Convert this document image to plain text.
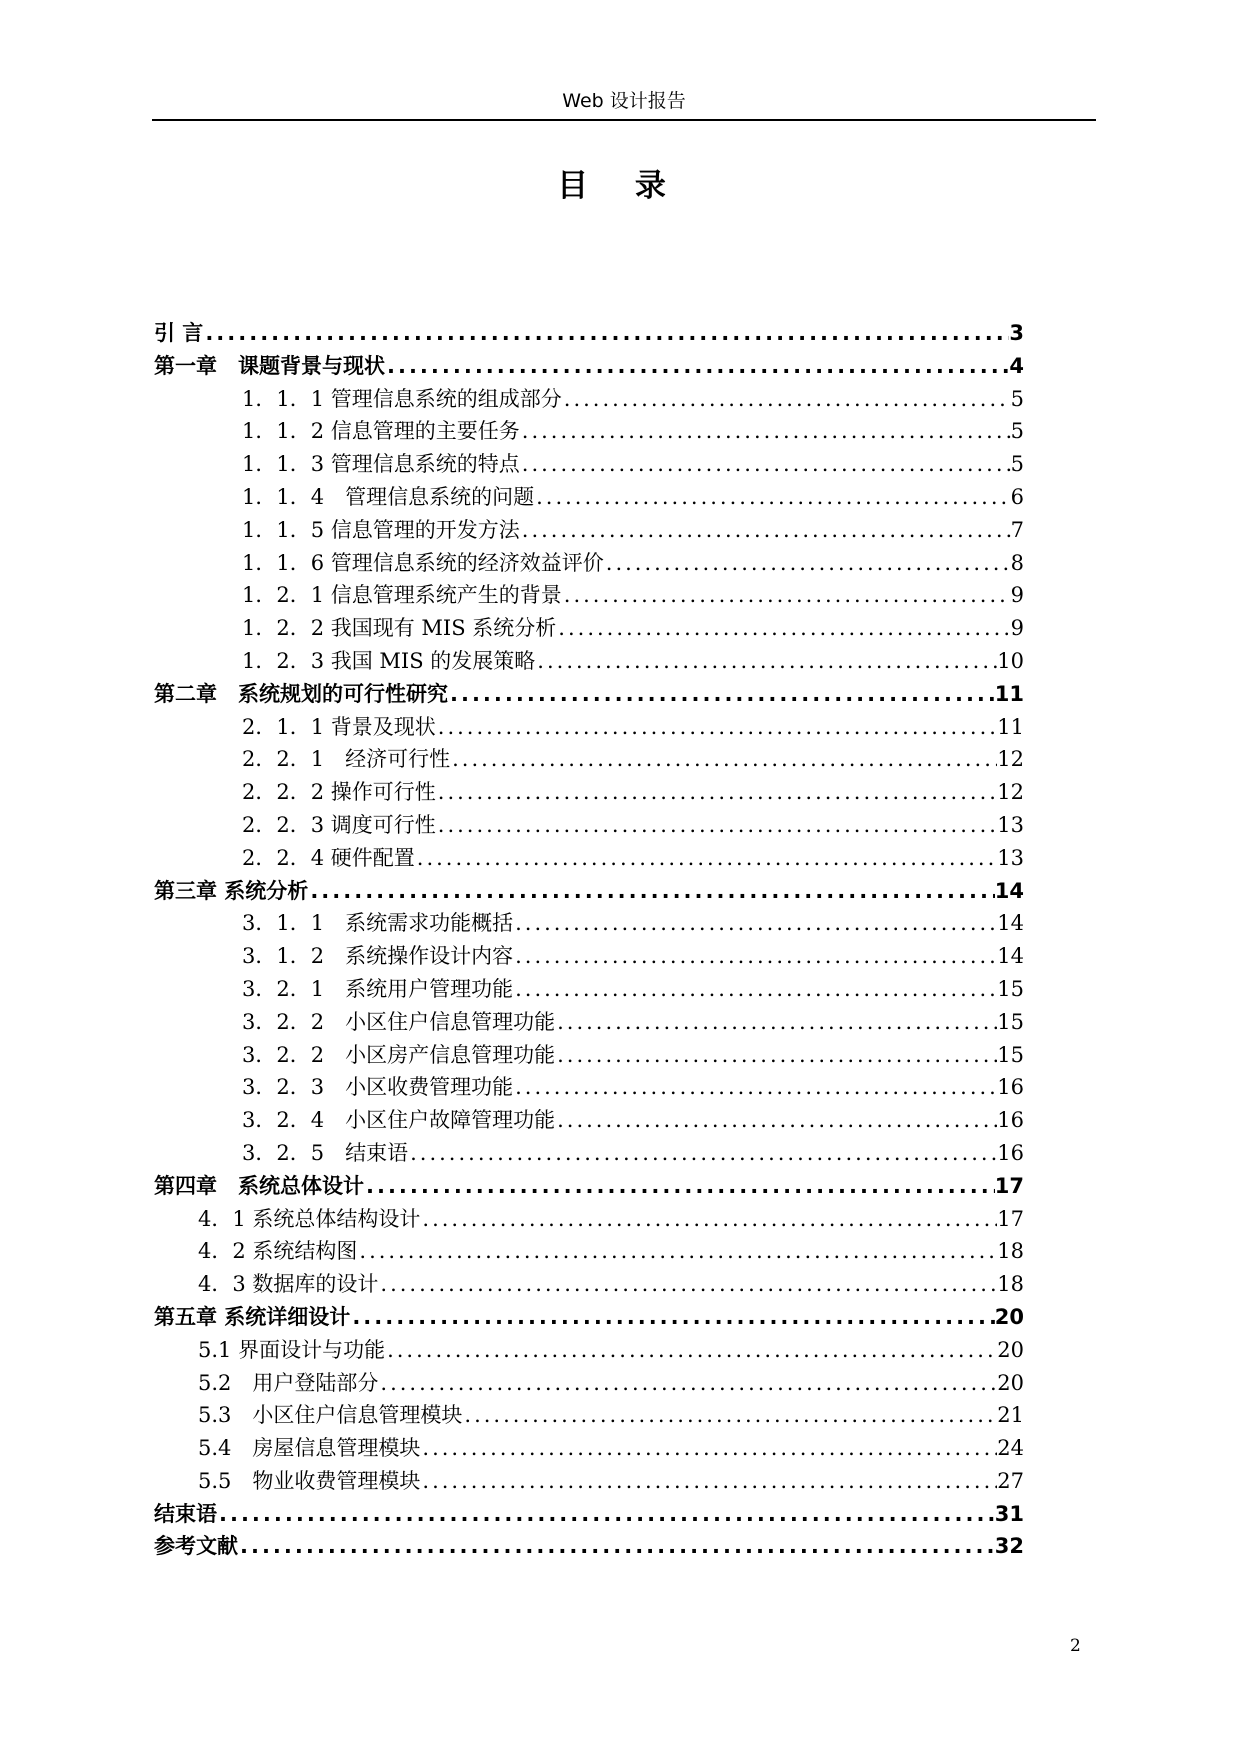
Web 设计报告
目 录
引 言 .....	3
第一章　课题背景与现状 .....	4
1．1．1 管理信息系统的组成部分 .....	5
1．1．2 信息管理的主要任务 .....	5
1．1．3 管理信息系统的特点 .....	5
1．1．4　管理信息系统的问题 .....	6
1．1．5 信息管理的开发方法 .....	7
1．1．6 管理信息系统的经济效益评价 .....	8
1．2．1 信息管理系统产生的背景 .....	9
1．2．2 我国现有 MIS 系统分析 .....	9
1．2．3 我国 MIS 的发展策略 .....	10
第二章　系统规划的可行性研究 .....	11
2．1．1 背景及现状 .....	11
2．2．1　经济可行性 .....	12
2．2．2 操作可行性 .....	12
2．2．3 调度可行性 .....	13
2．2．4 硬件配置 .....	13
第三章 系统分析 .....	14
3．1．1　系统需求功能概括 .....	14
3．1．2　系统操作设计内容 .....	14
3．2．1　系统用户管理功能 .....	15
3．2．2　小区住户信息管理功能 .....	15
3．2．2　小区房产信息管理功能 .....	15
3．2．3　小区收费管理功能 .....	16
3．2．4　小区住户故障管理功能 .....	16
3．2．5　结束语 .....	16
第四章　系统总体设计 .....	17
4．1 系统总体结构设计 .....	17
4．2 系统结构图 .....	18
4．3 数据库的设计 .....	18
第五章 系统详细设计 .....	20
5.1 界面设计与功能 .....	20
5.2　用户登陆部分 .....	20
5.3　小区住户信息管理模块 .....	21
5.4　房屋信息管理模块 .....	24
5.5　物业收费管理模块 .....	27
结束语 .....	31
参考文献 .....	32
2
